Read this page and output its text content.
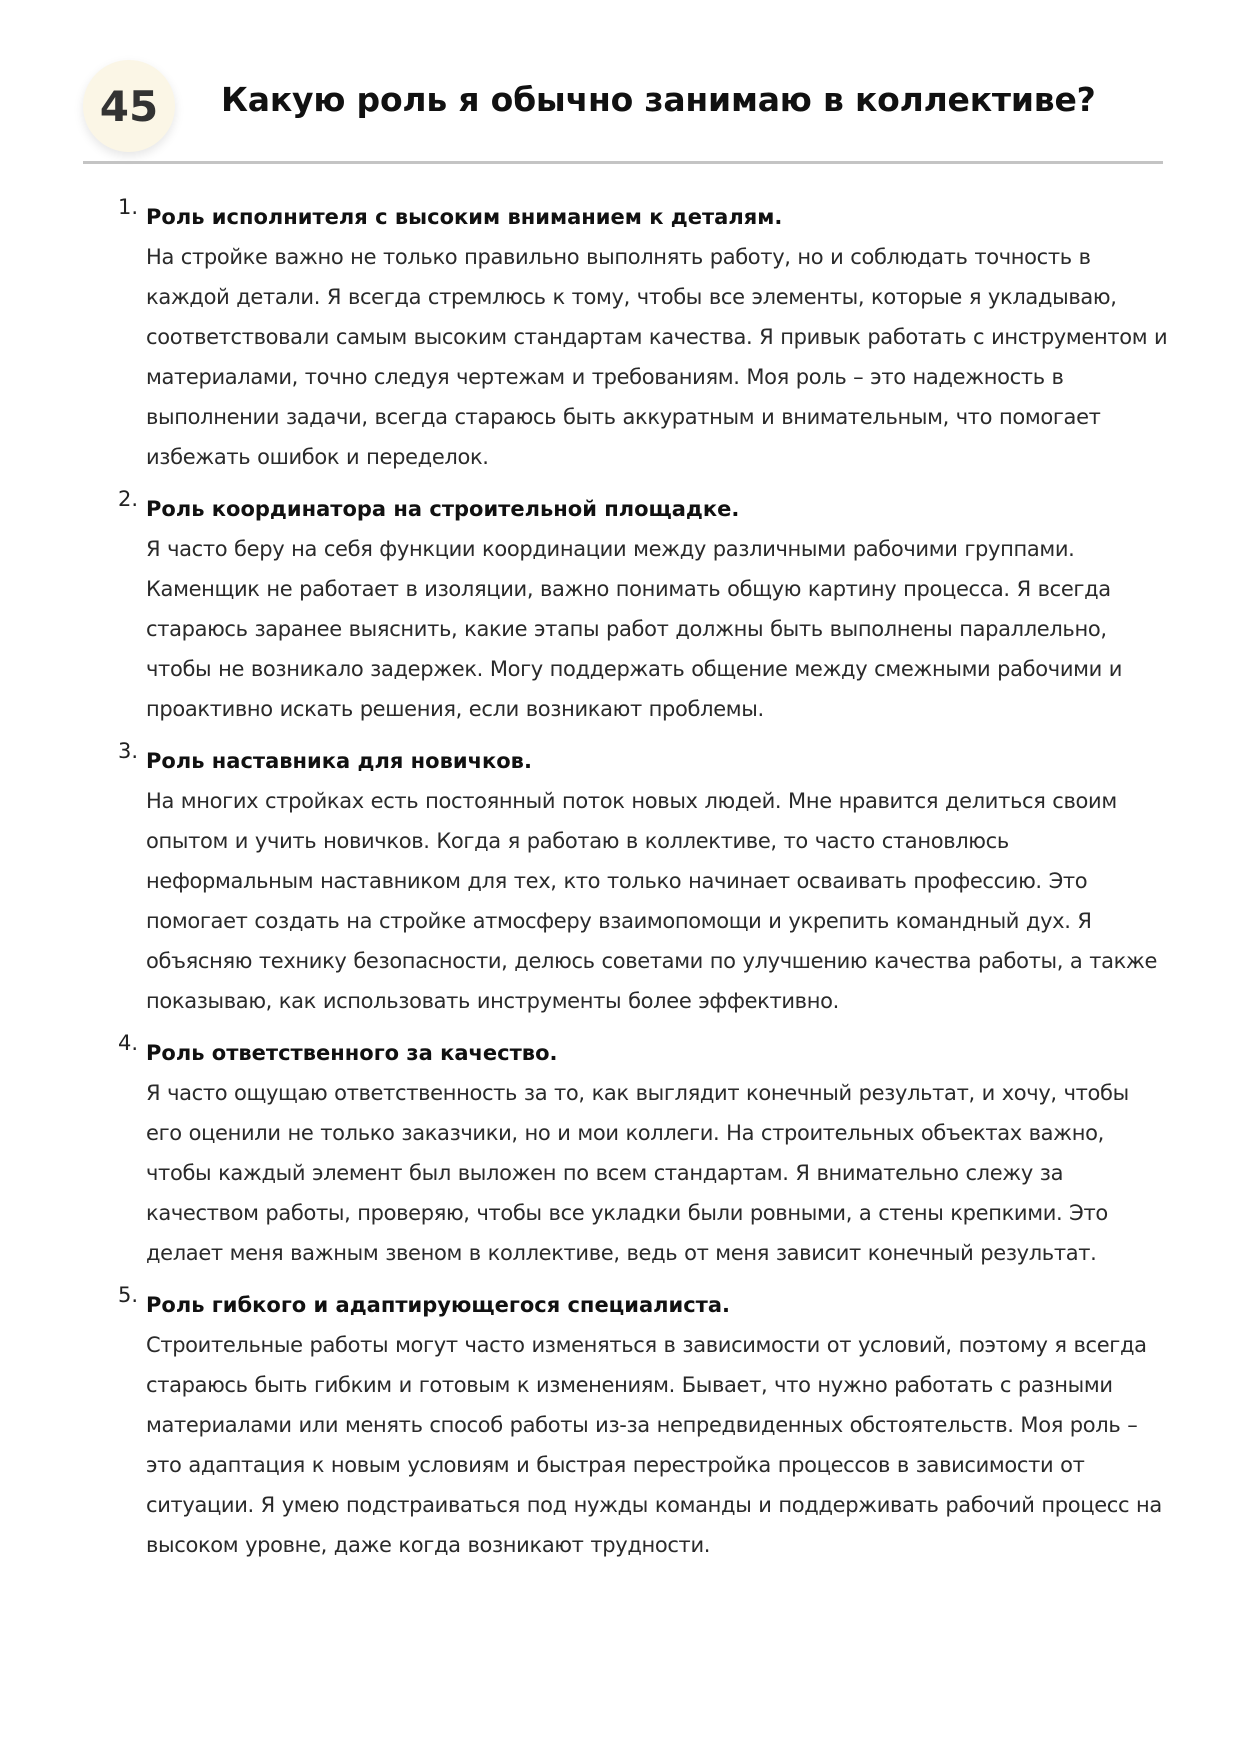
45	Какую роль я обычно занимаю в коллективе?
1. Роль исполнителя с высоким вниманием к деталям.
На стройке важно не только правильно выполнять работу, но и соблюдать точность в каждой детали. Я всегда стремлюсь к тому, чтобы все элементы, которые я укладываю, соответствовали самым высоким стандартам качества. Я привык работать с инструментом и материалами, точно следуя чертежам и требованиям. Моя роль – это надежность в выполнении задачи, всегда стараюсь быть аккуратным и внимательным, что помогает избежать ошибок и переделок.
2. Роль координатора на строительной площадке.
Я часто беру на себя функции координации между различными рабочими группами. Каменщик не работает в изоляции, важно понимать общую картину процесса. Я всегда стараюсь заранее выяснить, какие этапы работ должны быть выполнены параллельно, чтобы не возникало задержек. Могу поддержать общение между смежными рабочими и проактивно искать решения, если возникают проблемы.
3. Роль наставника для новичков.
На многих стройках есть постоянный поток новых людей. Мне нравится делиться своим опытом и учить новичков. Когда я работаю в коллективе, то часто становлюсь неформальным наставником для тех, кто только начинает осваивать профессию. Это помогает создать на стройке атмосферу взаимопомощи и укрепить командный дух. Я объясняю технику безопасности, делюсь советами по улучшению качества работы, а также показываю, как использовать инструменты более эффективно.
4. Роль ответственного за качество.
Я часто ощущаю ответственность за то, как выглядит конечный результат, и хочу, чтобы его оценили не только заказчики, но и мои коллеги. На строительных объектах важно, чтобы каждый элемент был выложен по всем стандартам. Я внимательно слежу за качеством работы, проверяю, чтобы все укладки были ровными, а стены крепкими. Это делает меня важным звеном в коллективе, ведь от меня зависит конечный результат.
5. Роль гибкого и адаптирующегося специалиста.
Строительные работы могут часто изменяться в зависимости от условий, поэтому я всегда стараюсь быть гибким и готовым к изменениям. Бывает, что нужно работать с разными материалами или менять способ работы из-за непредвиденных обстоятельств. Моя роль – это адаптация к новым условиям и быстрая перестройка процессов в зависимости от ситуации. Я умею подстраиваться под нужды команды и поддерживать рабочий процесс на высоком уровне, даже когда возникают трудности.
